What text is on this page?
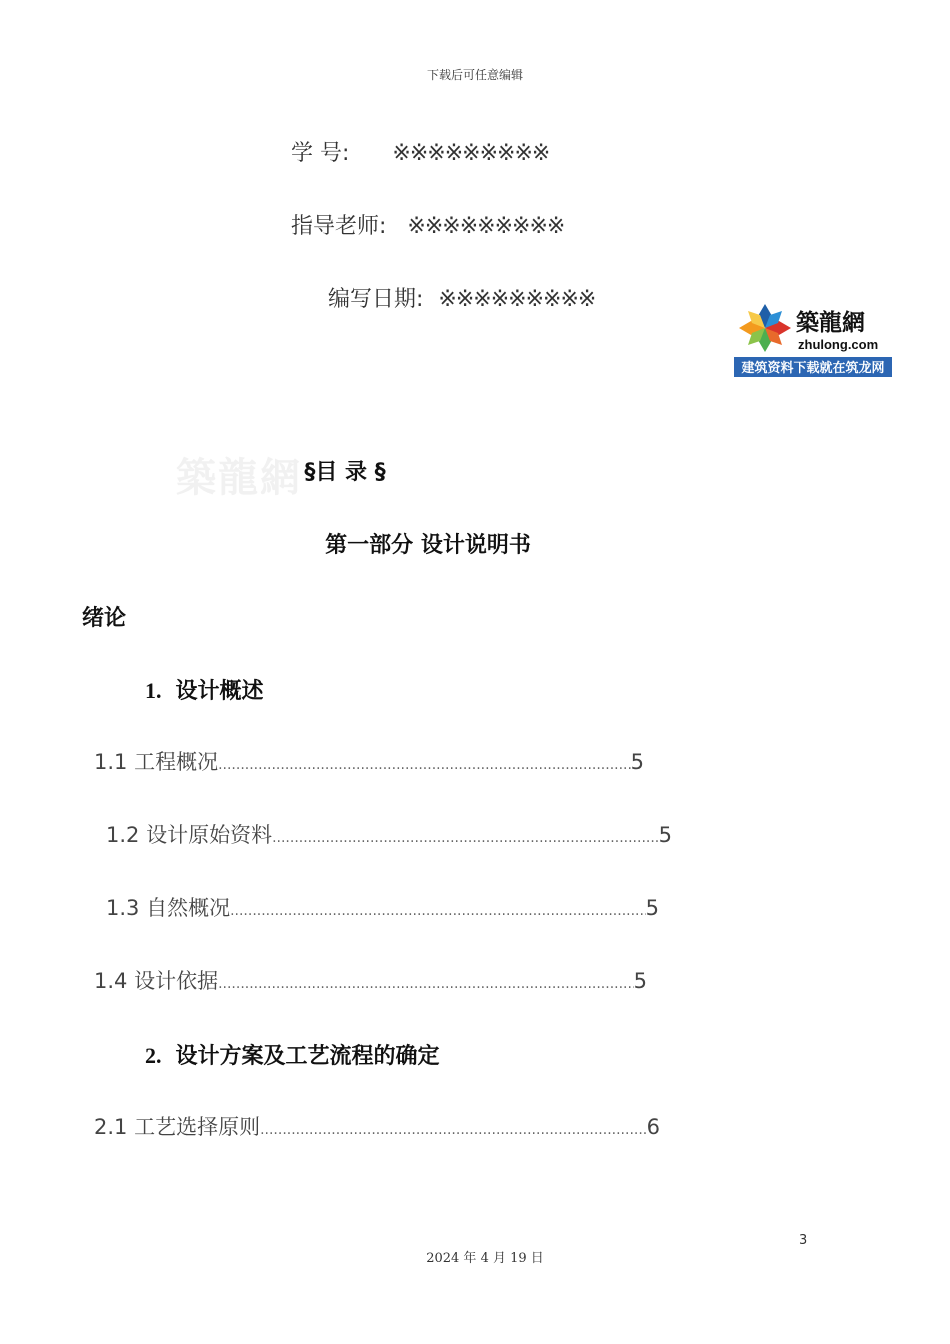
下载后可任意编辑
学 号: ※※※※※※※※※
指导老师: ※※※※※※※※※
编写日期: ※※※※※※※※※
築龍網
zhulong.com
建筑资料下载就在筑龙网
築龍網 §目 录 §
第一部分 设计说明书
绪论
1. 设计概述
1.1 工程概况 .....	5
1.2 设计原始资料 .....	5
1.3 自然概况 .....	5
1.4 设计依据 .....	5
2. 设计方案及工艺流程的确定
2.1 工艺选择原则 .....	6
3
2024 年 4 月 19 日
